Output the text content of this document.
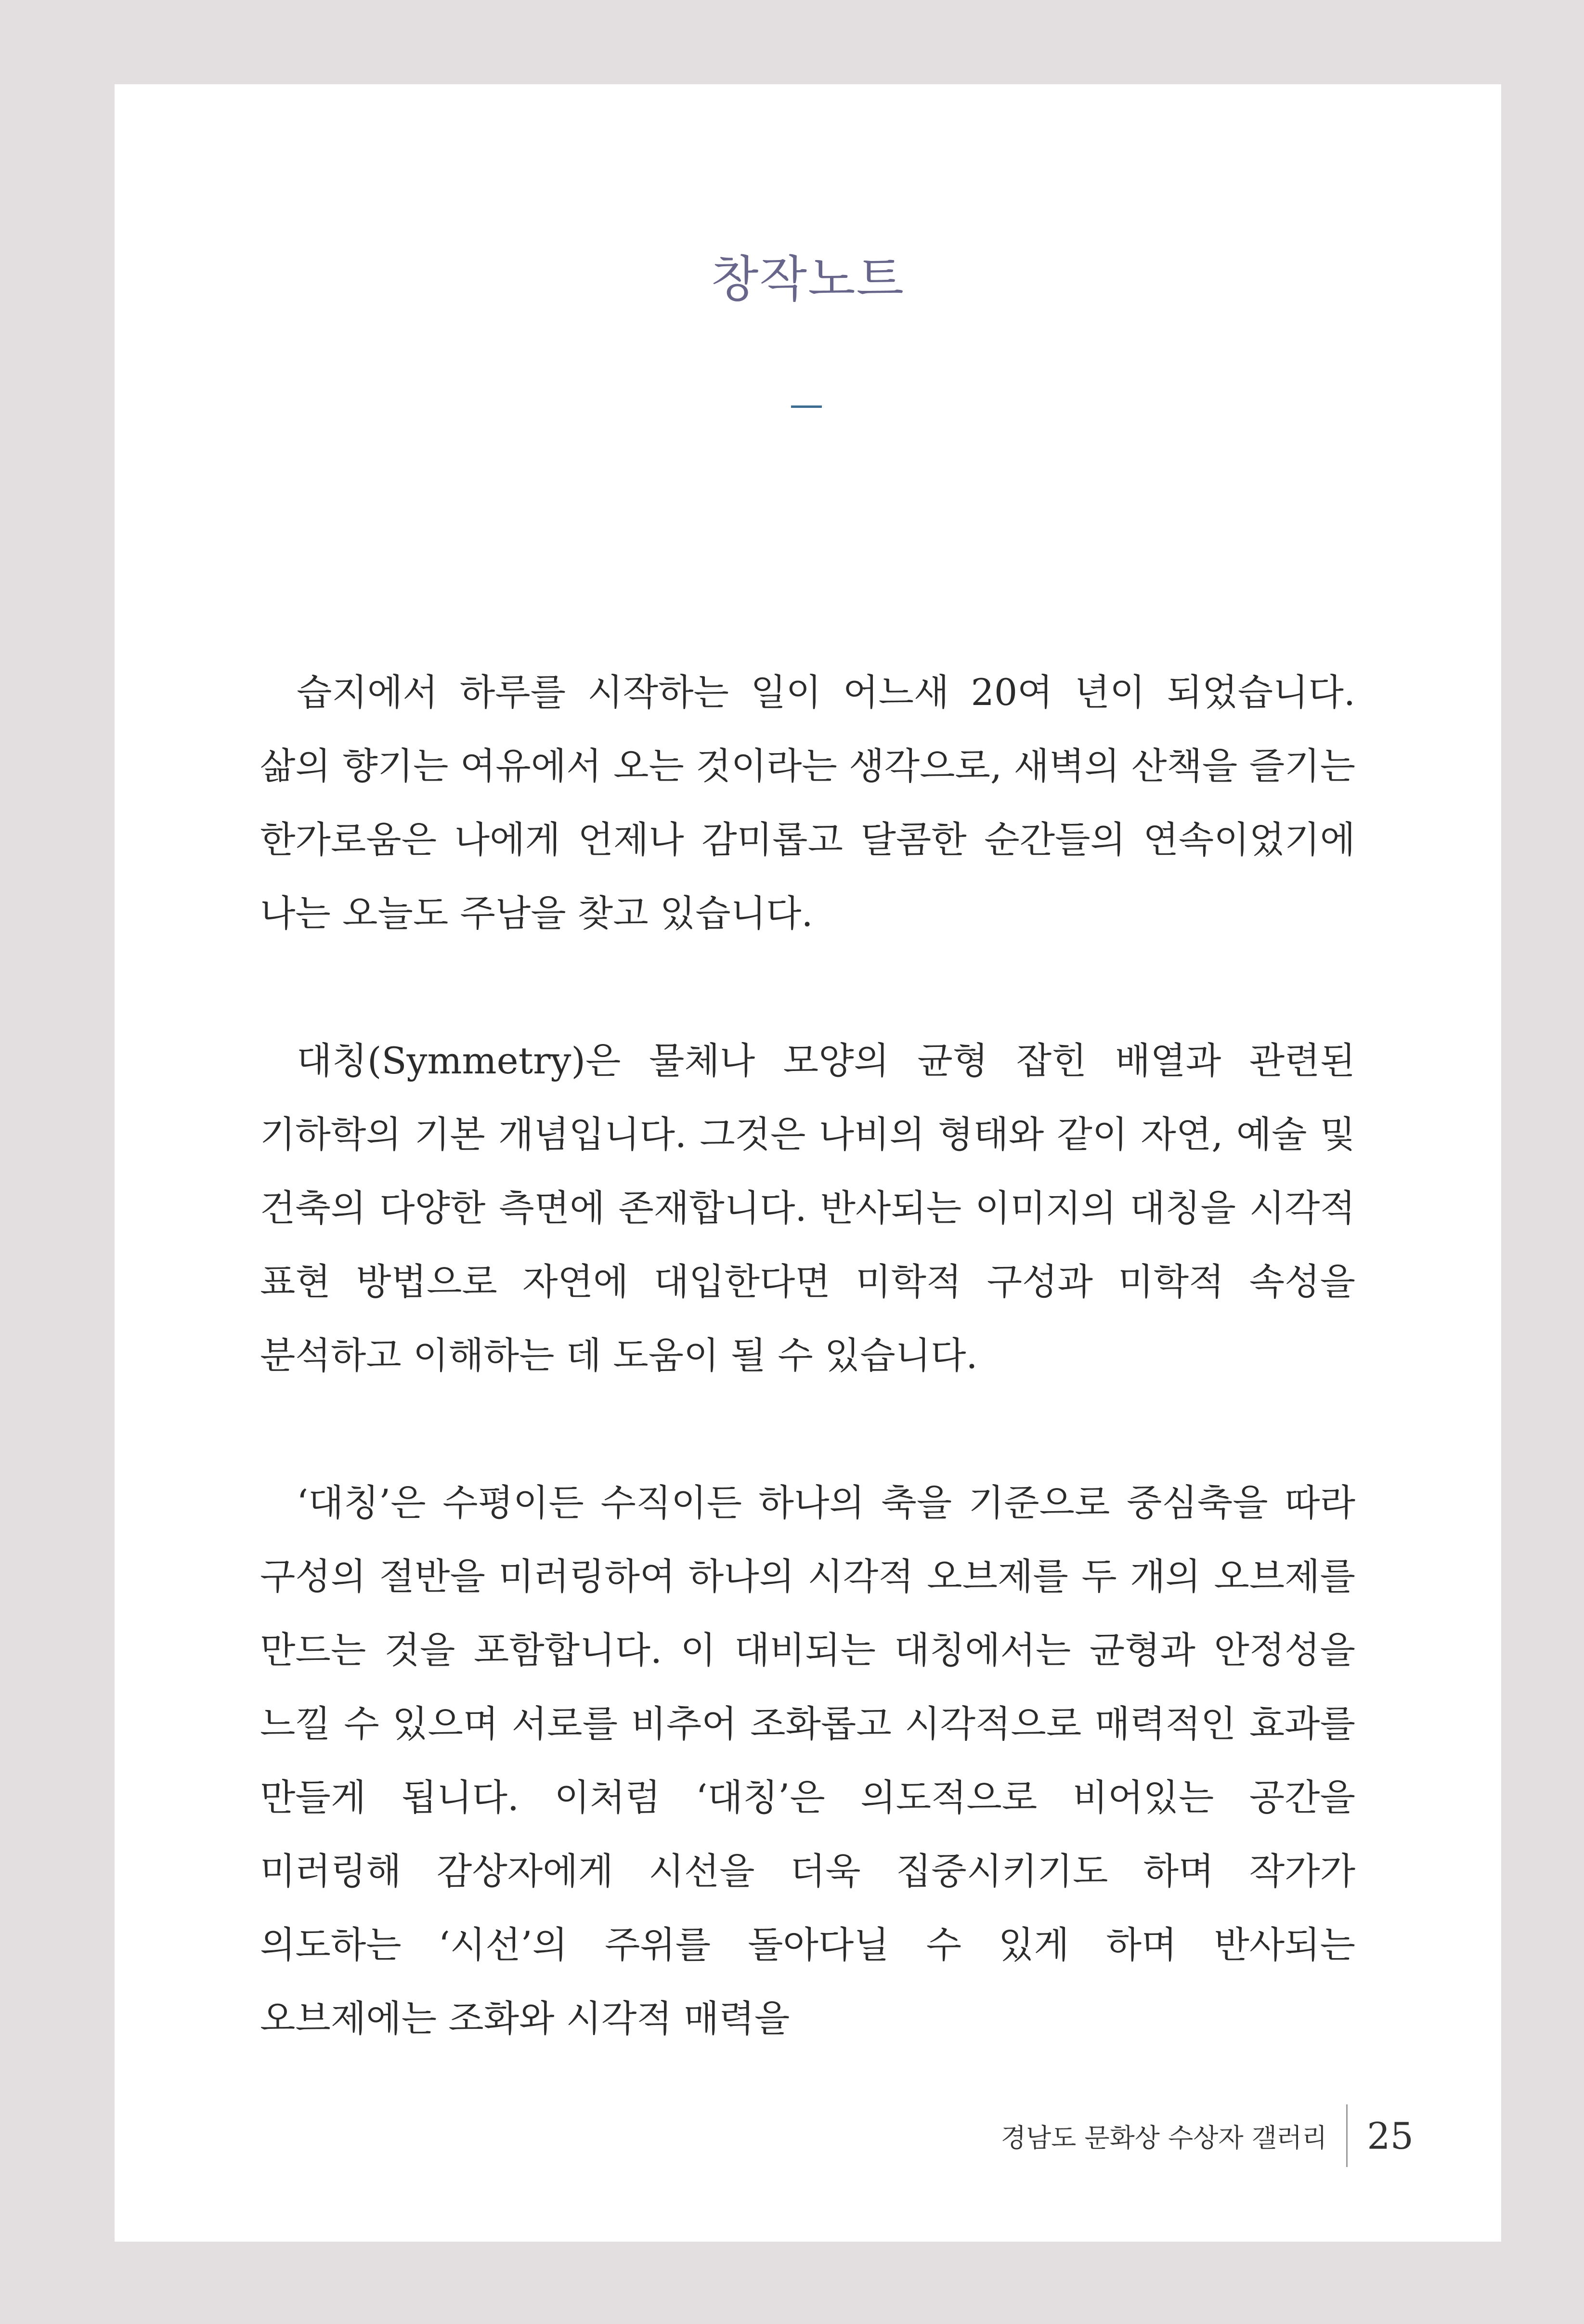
창작노트

습지에서 하루를 시작하는 일이 어느새 20여 년이 되었습니다. 삶의 향기는 여유에서 오는 것이라는 생각으로, 새벽의 산책을 즐기는 한가로움은 나에게 언제나 감미롭고 달콤한 순간들의 연속이었기에 나는 오늘도 주남을 찾고 있습니다.

대칭(Symmetry)은 물체나 모양의 균형 잡힌 배열과 관련된 기하학의 기본 개념입니다. 그것은 나비의 형태와 같이 자연, 예술 및 건축의 다양한 측면에 존재합니다. 반사되는 이미지의 대칭을 시각적 표현 방법으로 자연에 대입한다면 미학적 구성과 미학적 속성을 분석하고 이해하는 데 도움이 될 수 있습니다.

‘대칭’은 수평이든 수직이든 하나의 축을 기준으로 중심축을 따라 구성의 절반을 미러링하여 하나의 시각적 오브제를 두 개의 오브제를 만드는 것을 포함합니다. 이 대비되는 대칭에서는 균형과 안정성을 느낄 수 있으며 서로를 비추어 조화롭고 시각적으로 매력적인 효과를 만들게 됩니다. 이처럼 ‘대칭’은 의도적으로 비어있는 공간을 미러링해 감상자에게 시선을 더욱 집중시키기도 하며 작가가 의도하는 ‘시선’의 주위를 돌아다닐 수 있게 하며 반사되는 오브제에는 조화와 시각적 매력을

경남도 문화상 수상자 갤러리	25
